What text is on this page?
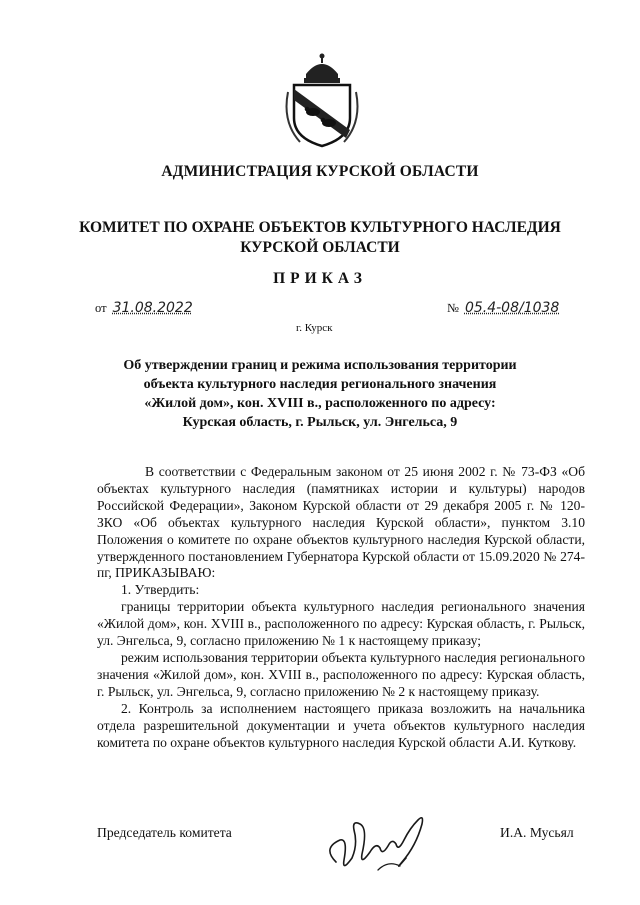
АДМИНИСТРАЦИЯ КУРСКОЙ ОБЛАСТИ
КОМИТЕТ ПО ОХРАНЕ ОБЪЕКТОВ КУЛЬТУРНОГО НАСЛЕДИЯ
КУРСКОЙ ОБЛАСТИ
ПРИКАЗ
от 31.08.2022	№ 05.4-08/1038
г. Курск
Об утверждении границ и режима использования территории
объекта культурного наследия регионального значения
«Жилой дом», кон. XVIII в., расположенного по адресу:
Курская область, г. Рыльск, ул. Энгельса, 9

В соответствии с Федеральным законом от 25 июня 2002 г. № 73-ФЗ «Об объектах культурного наследия (памятниках истории и культуры) народов Российской Федерации», Законом Курской области от 29 декабря 2005 г. № 120-ЗКО «Об объектах культурного наследия Курской области», пунктом 3.10 Положения о комитете по охране объектов культурного наследия Курской области, утвержденного постановлением Губернатора Курской области от 15.09.2020 № 274-пг, ПРИКАЗЫВАЮ:

1. Утвердить:

границы территории объекта культурного наследия регионального значения «Жилой дом», кон. XVIII в., расположенного по адресу: Курская область, г. Рыльск, ул. Энгельса, 9, согласно приложению № 1 к настоящему приказу;

режим использования территории объекта культурного наследия регионального значения «Жилой дом», кон. XVIII в., расположенного по адресу: Курская область, г. Рыльск, ул. Энгельса, 9, согласно приложению № 2 к настоящему приказу.

2. Контроль за исполнением настоящего приказа возложить на начальника отдела разрешительной документации и учета объектов культурного наследия комитета по охране объектов культурного наследия Курской области А.И. Куткову.

Председатель комитета	И.А. Мусьял
